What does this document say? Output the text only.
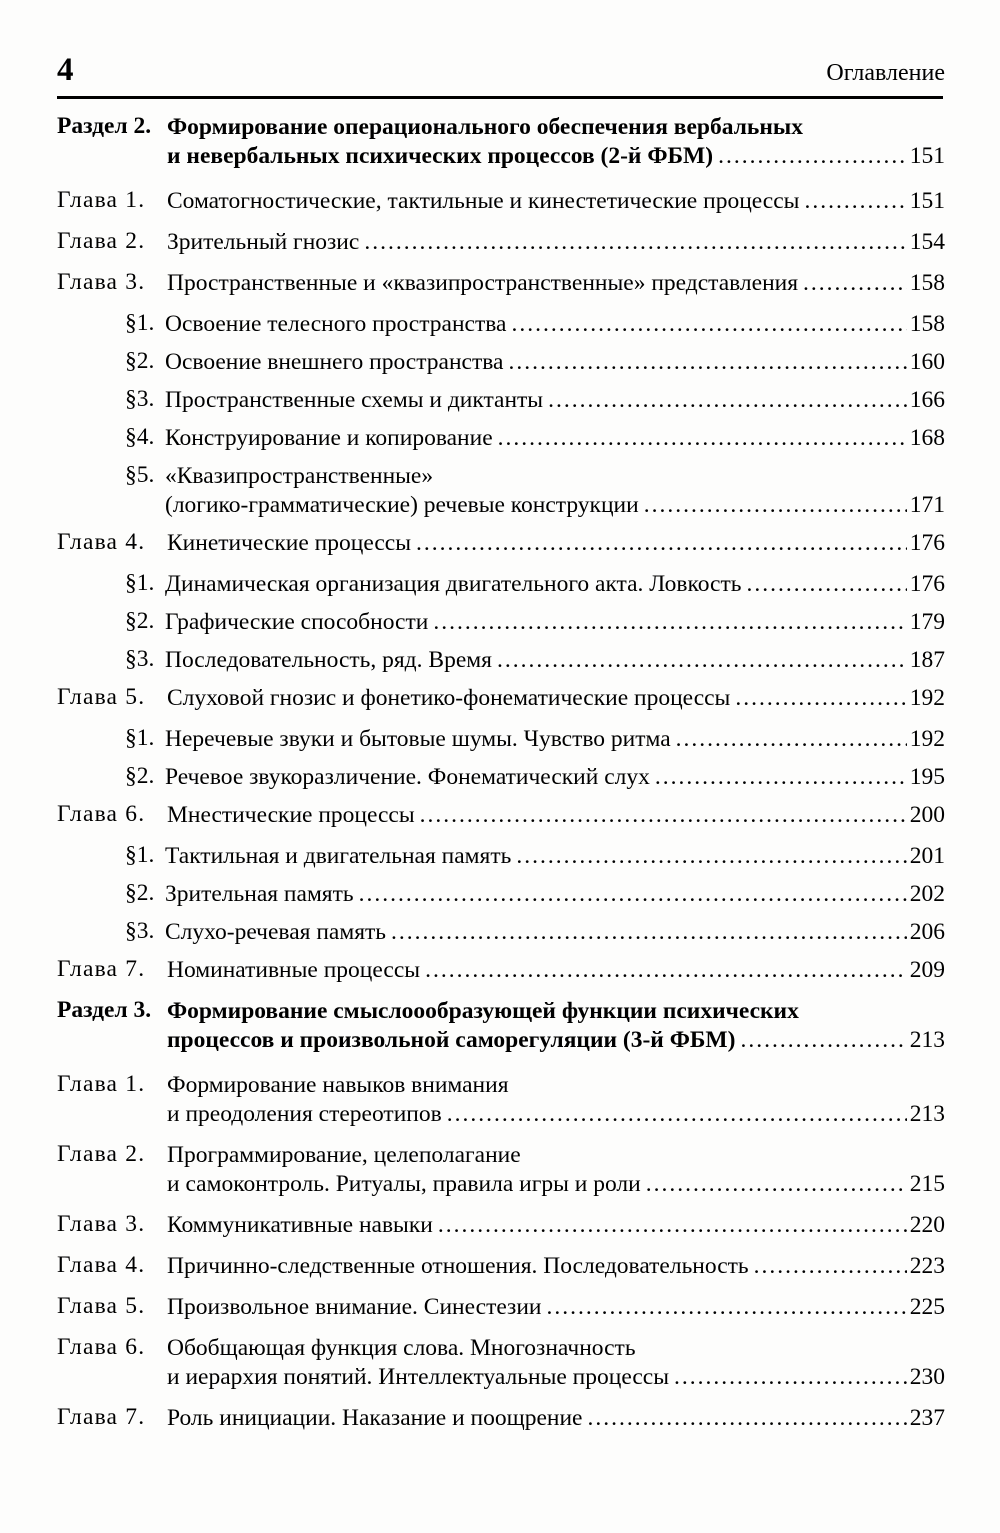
4	Оглавление
Раздел 2. Формирование операционального обеспечения вербальных
и невербальных психических процессов (2-й ФБМ) .....	151
Глава 1. Соматогностические, тактильные и кинестетические процессы .....	151
Глава 2. Зрительный гнозис .....	154
Глава 3. Пространственные и «квазипространственные» представления .....	158
§1. Освоение телесного пространства .....	158
§2. Освоение внешнего пространства .....	160
§3. Пространственные схемы и диктанты .....	166
§4. Конструирование и копирование .....	168
§5. «Квазипространственные»
(логико-грамматические) речевые конструкции .....	171
Глава 4. Кинетические процессы .....	176
§1. Динамическая организация двигательного акта. Ловкость .....	176
§2. Графические способности .....	179
§3. Последовательность, ряд. Время .....	187
Глава 5. Слуховой гнозис и фонетико-фонематические процессы .....	192
§1. Неречевые звуки и бытовые шумы. Чувство ритма .....	192
§2. Речевое звукоразличение. Фонематический слух .....	195
Глава 6. Мнестические процессы .....	200
§1. Тактильная и двигательная память .....	201
§2. Зрительная память .....	202
§3. Слухо-речевая память .....	206
Глава 7. Номинативные процессы .....	209
Раздел 3. Формирование смыслоообразующей функции психических
процессов и произвольной саморегуляции (3-й ФБМ) .....	213
Глава 1. Формирование навыков внимания
и преодоления стереотипов .....	213
Глава 2. Программирование, целеполагание
и самоконтроль. Ритуалы, правила игры и роли .....	215
Глава 3. Коммуникативные навыки .....	220
Глава 4. Причинно-следственные отношения. Последовательность .....	223
Глава 5. Произвольное внимание. Синестезии .....	225
Глава 6. Обобщающая функция слова. Многозначность
и иерархия понятий. Интеллектуальные процессы .....	230
Глава 7. Роль инициации. Наказание и поощрение .....	237
